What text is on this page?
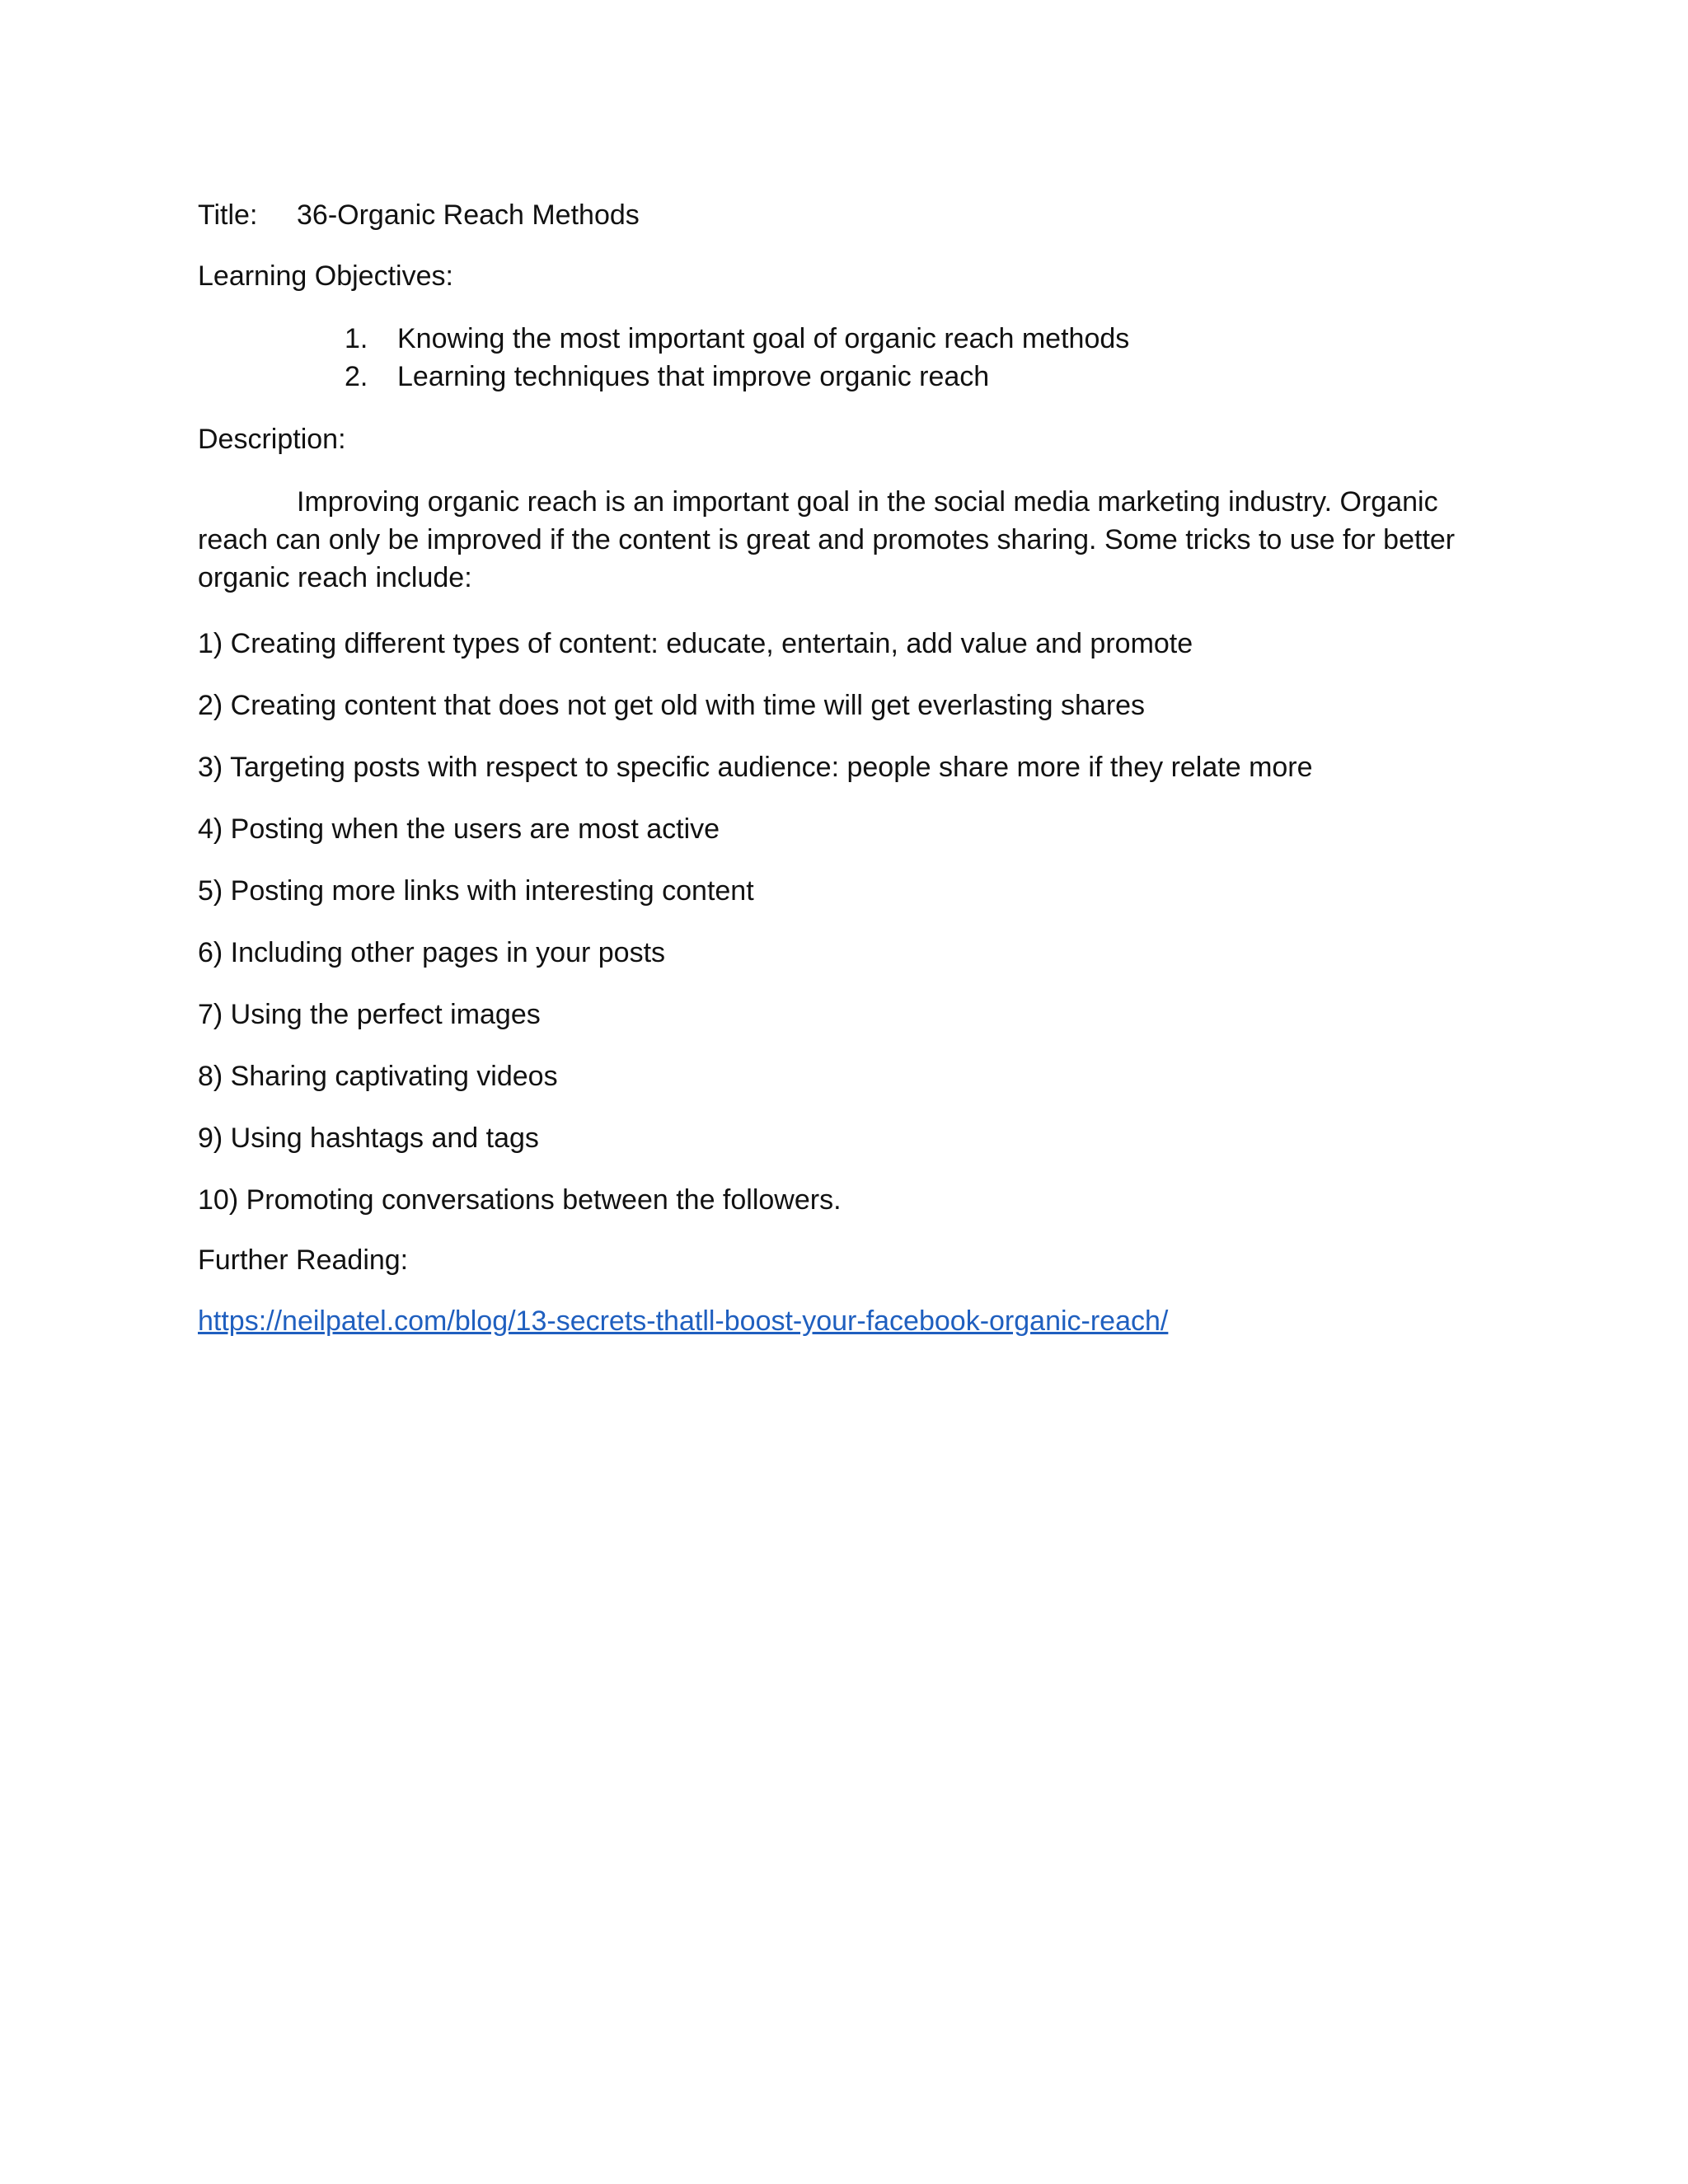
Title:	36-Organic Reach Methods

Learning Objectives:

1.	Knowing the most important goal of organic reach methods
2.	Learning techniques that improve organic reach

Description:

Improving organic reach is an important goal in the social media marketing industry. Organic reach can only be improved if the content is great and promotes sharing. Some tricks to use for better organic reach include:

1) Creating different types of content: educate, entertain, add value and promote
2) Creating content that does not get old with time will get everlasting shares
3) Targeting posts with respect to specific audience: people share more if they relate more
4) Posting when the users are most active
5) Posting more links with interesting content
6) Including other pages in your posts
7) Using the perfect images
8) Sharing captivating videos
9) Using hashtags and tags
10) Promoting conversations between the followers.

Further Reading:

https://neilpatel.com/blog/13-secrets-thatll-boost-your-facebook-organic-reach/
